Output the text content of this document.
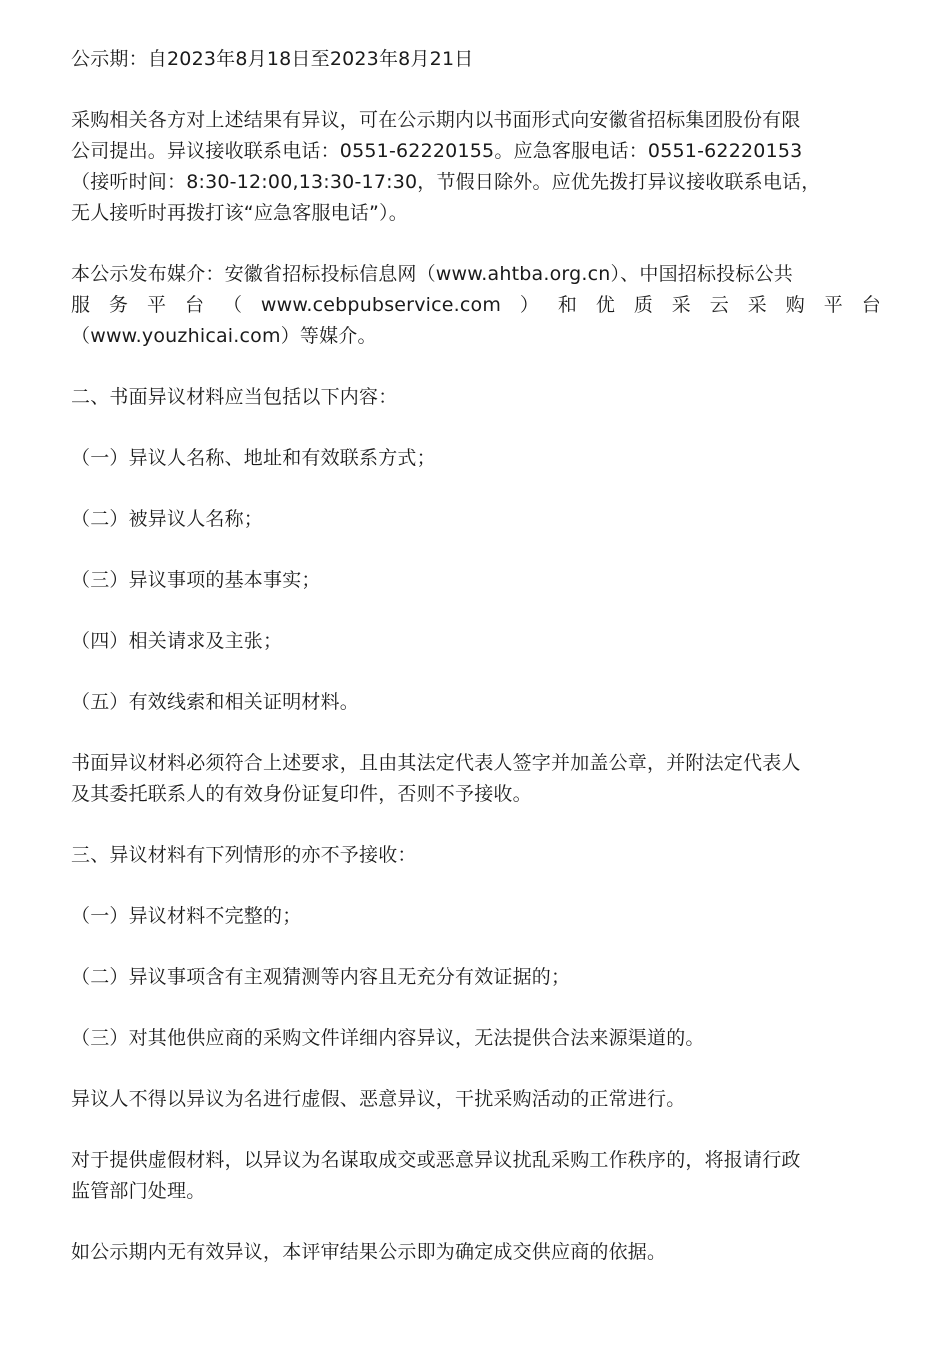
公示期：自2023年8月18日至2023年8月21日

采购相关各方对上述结果有异议，可在公示期内以书面形式向安徽省招标集团股份有限
公司提出。异议接收联系电话：0551-62220155。应急客服电话：0551-62220153
（接听时间：8:30-12:00,13:30-17:30，节假日除外。应优先拨打异议接收联系电话，
无人接听时再拨打该“应急客服电话”）。

本公示发布媒介：安徽省招标投标信息网（www.ahtba.org.cn）、中国招标投标公共
服 务 平 台 （ www.cebpubservice.com ） 和 优 质 采 云 采 购 平 台
（www.youzhicai.com）等媒介。

二、书面异议材料应当包括以下内容：

（一）异议人名称、地址和有效联系方式；

（二）被异议人名称；

（三）异议事项的基本事实；

（四）相关请求及主张；

（五）有效线索和相关证明材料。

书面异议材料必须符合上述要求，且由其法定代表人签字并加盖公章，并附法定代表人
及其委托联系人的有效身份证复印件，否则不予接收。

三、异议材料有下列情形的亦不予接收：

（一）异议材料不完整的；

（二）异议事项含有主观猜测等内容且无充分有效证据的；

（三）对其他供应商的采购文件详细内容异议，无法提供合法来源渠道的。

异议人不得以异议为名进行虚假、恶意异议，干扰采购活动的正常进行。

对于提供虚假材料，以异议为名谋取成交或恶意异议扰乱采购工作秩序的，将报请行政
监管部门处理。

如公示期内无有效异议，本评审结果公示即为确定成交供应商的依据。
